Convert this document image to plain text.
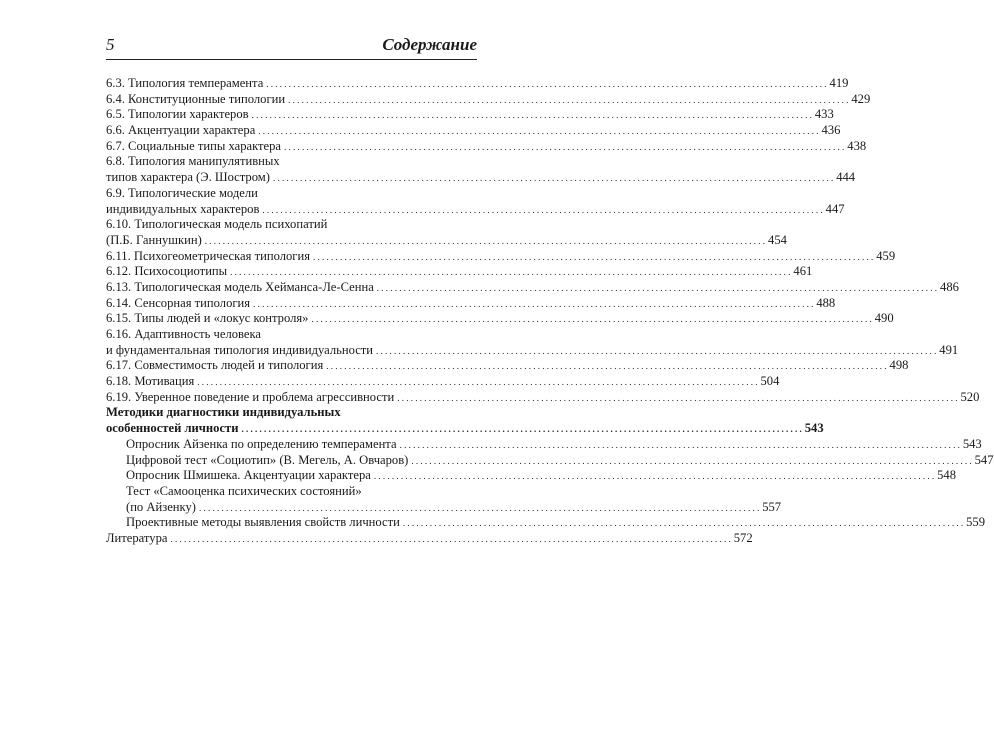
5	Содержание
6.3. Типология темперамента . . .	419
6.4. Конституционные типологии . . .	429
6.5. Типологии характеров . . .	433
6.6. Акцентуации характера . . .	436
6.7. Социальные типы характера . . .	438
6.8. Типология манипулятивных
типов характера (Э. Шостром) . . .	444
6.9. Типологические модели
индивидуальных характеров . . .	447
6.10. Типологическая модель психопатий
(П.Б. Ганнушкин) . . .	454
6.11. Психогеометрическая типология . . .	459
6.12. Психосоциотипы . . .	461
6.13. Типологическая модель Хейманса-Ле-Сенна . . .	486
6.14. Сенсорная типология . . .	488
6.15. Типы людей и «локус контроля» . . .	490
6.16. Адаптивность человека
и фундаментальная типология индивидуальности . . .	491
6.17. Совместимость людей и типология . . .	498
6.18. Мотивация . . .	504
6.19. Уверенное поведение и проблема агрессивности . . .	520
Методики диагностики индивидуальных
особенностей личности . . .	543
Опросник Айзенка по определению темперамента . . .	543
Цифровой тест «Социотип» (В. Мегель, А. Овчаров) . . .	547
Опросник Шмишека. Акцентуации характера . . .	548
Тест «Самооценка психических состояний»
(по Айзенку) . . .	557
Проективные методы выявления свойств личности . . .	559
Литература . . .	572
